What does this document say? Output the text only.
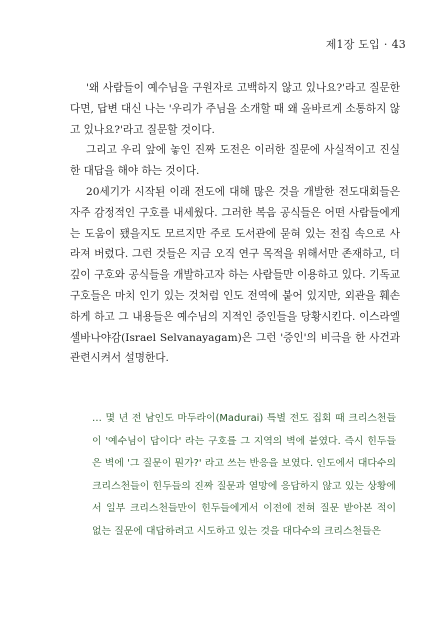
제1장 도입 · 43

'왜 사람들이 예수님을 구원자로 고백하지 않고 있나요?'라고 질문한다면, 답변 대신 나는 '우리가 주님을 소개할 때 왜 올바르게 소통하지 않고 있나요?'라고 질문할 것이다.

그리고 우리 앞에 놓인 진짜 도전은 이러한 질문에 사실적이고 진실한 대답을 해야 하는 것이다.

20세기가 시작된 이래 전도에 대해 많은 것을 개발한 전도대회들은 자주 감정적인 구호를 내세웠다. 그러한 복음 공식들은 어떤 사람들에게는 도움이 됐을지도 모르지만 주로 도서관에 묻혀 있는 전집 속으로 사라져 버렸다. 그런 것들은 지금 오직 연구 목적을 위해서만 존재하고, 더 깊이 구호와 공식들을 개발하고자 하는 사람들만 이용하고 있다. 기독교 구호들은 마치 인기 있는 것처럼 인도 전역에 붙어 있지만, 외관을 훼손하게 하고 그 내용들은 예수님의 지적인 증인들을 당황시킨다. 이스라엘 셀바나야감(Israel Selvanayagam)은 그런 '증인'의 비극을 한 사건과 관련시켜서 설명한다.

… 몇 년 전 남인도 마두라이(Madurai) 특별 전도 집회 때 크리스천들이 '예수님이 답이다' 라는 구호를 그 지역의 벽에 붙였다. 즉시 힌두들은 벽에 '그 질문이 뭔가?' 라고 쓰는 반응을 보였다. 인도에서 대다수의 크리스천들이 힌두들의 진짜 질문과 열망에 응답하지 않고 있는 상황에서 일부 크리스천들만이 힌두들에게서 이전에 전혀 질문 받아본 적이 없는 질문에 대답하려고 시도하고 있는 것을 대다수의 크리스천들은
